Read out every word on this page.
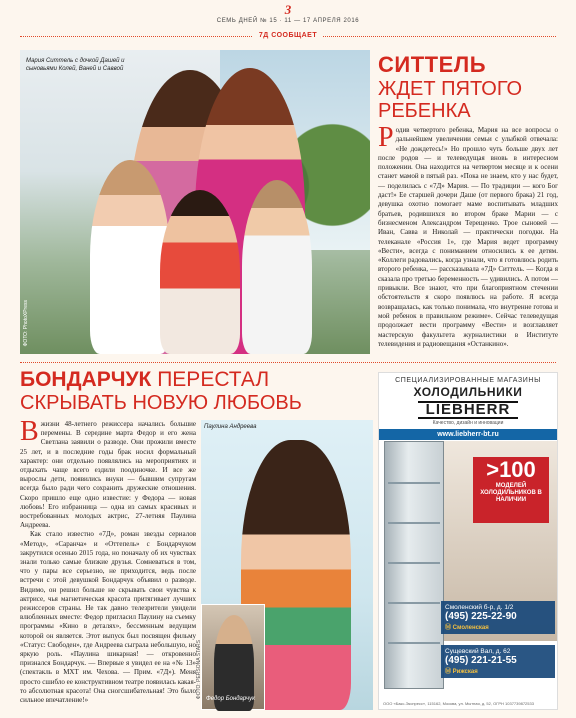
3
СЕМЬ ДНЕЙ № 15 · 11 — 17 АПРЕЛЯ 2016
7Д СООБЩАЕТ
Мария Ситтель с дочкой Дашей и сыновьями Колей, Ваней и Саввой
ФОТО: PhotoXPress
СИТТЕЛЬ
ЖДЕТ ПЯТОГО РЕБЕНКА
Родив четвертого ребенка, Мария на все вопросы о дальнейшем увеличении семьи с улыбкой отвечала: «Не дождетесь!» Но прошло чуть больше двух лет после родов — и телеведущая вновь в интересном положении. Она находится на четвертом месяце и к осени станет мамой в пятый раз. «Пока не знаем, кто у нас будет, — поделилась с «7Д» Мария. — По традиции — кого Бог даст!» Ее старшей дочери Даше (от первого брака) 21 год, девушка охотно помогает маме воспитывать младших братьев, родившихся во втором браке Марии — с бизнесменом Александром Терещенко. Трое сыновей — Иван, Савва и Николай — практически погодки. На телеканале «Россия 1», где Мария ведет программу «Вести», всегда с пониманием относились к ее детям. «Коллеги радовались, когда узнали, что я готовлюсь родить второго ребенка, — рассказывала «7Д» Ситтель. — Когда я сказала про третью беременность — удивились. А потом — привыкли. Все знают, что при благоприятном стечении обстоятельств я скоро появлюсь на работе. Я всегда возвращалась, как только понимала, что внутренне готова и мой ребенок в правильном режиме». Сейчас телеведущая продолжает вести программу «Вести» и возглавляет мастерскую факультета журналистики в Институте телевидения и радиовещания «Останкино».
БОНДАРЧУК ПЕРЕСТАЛ
СКРЫВАТЬ НОВУЮ ЛЮБОВЬ

Вжизни 48-летнего режиссера начались большие перемены. В середине марта Федор и его жена Светлана заявили о разводе. Они прожили вместе 25 лет, и в последние годы брак носил формальный характер: они отдельно появлялись на мероприятиях и отдыхать чаще всего ездили поодиночке. И все же вырослы дети, появились внуки — бывшим супругам всегда было ради чего сохранить дружеские отношения. Скоро пришло еще одно известие: у Федора — новая любовь! Его избранница — одна из самых красивых и востребованных молодых актрис, 27-летняя Паулина Андреева.

Как стало известно «7Д», роман звезды сериалов «Метод», «Саранча» и «Оттепель» с Бондарчуком закрутился осенью 2015 года, но поначалу об их чувствах знали только самые близкие друзья. Сомневаться в том, что у пары все серьезно, не приходится, ведь после встречи с этой девушкой Бондарчук объявил о разводе. Видимо, он решил больше не скрывать свои чувства к актрисе, чья магнетическая красота притягивает лучших режиссеров страны. Не так давно телезрители увидели влюбленных вместе: Федор пригласил Паулину на съемку программы «Кино в деталях», бессменным ведущим которой он является. Этот выпуск был посвящен фильму «Статус: Свободен», где Андреева сыграла небольшую, но яркую роль. «Паулина шикарная! — откровенно признался Бондарчук. — Впервые я увидел ее на «№ 13» (спектакль в МХТ им. Чехова. — Прим. «7Д»). Меня просто сшибло ее конструктивном театре появилась какая-то абсолютная красота! Она сногсшибательная! Это было сильное впечатление!»

Паулина Андреева
Федор Бондарчук
ФОТО: PERSONA STARS
СПЕЦИАЛИЗИРОВАННЫЕ МАГАЗИНЫ
ХОЛОДИЛЬНИКИ
LIEBHERR
Качество, дизайн и инновации
www.liebherr-bt.ru
>100
МОДЕЛЕЙ ХОЛОДИЛЬНИКОВ В НАЛИЧИИ
Смоленский б-р, д. 1/2
(495) 225-22-90
Ⓜ Смоленская
Сущевский Вал, д. 62
(495) 221-21-55
Ⓜ Рижская
ООО «Бакс-Экспресс», 115162, Москва, ул. Мытная, д. 52, ОГРН 1037739872533
